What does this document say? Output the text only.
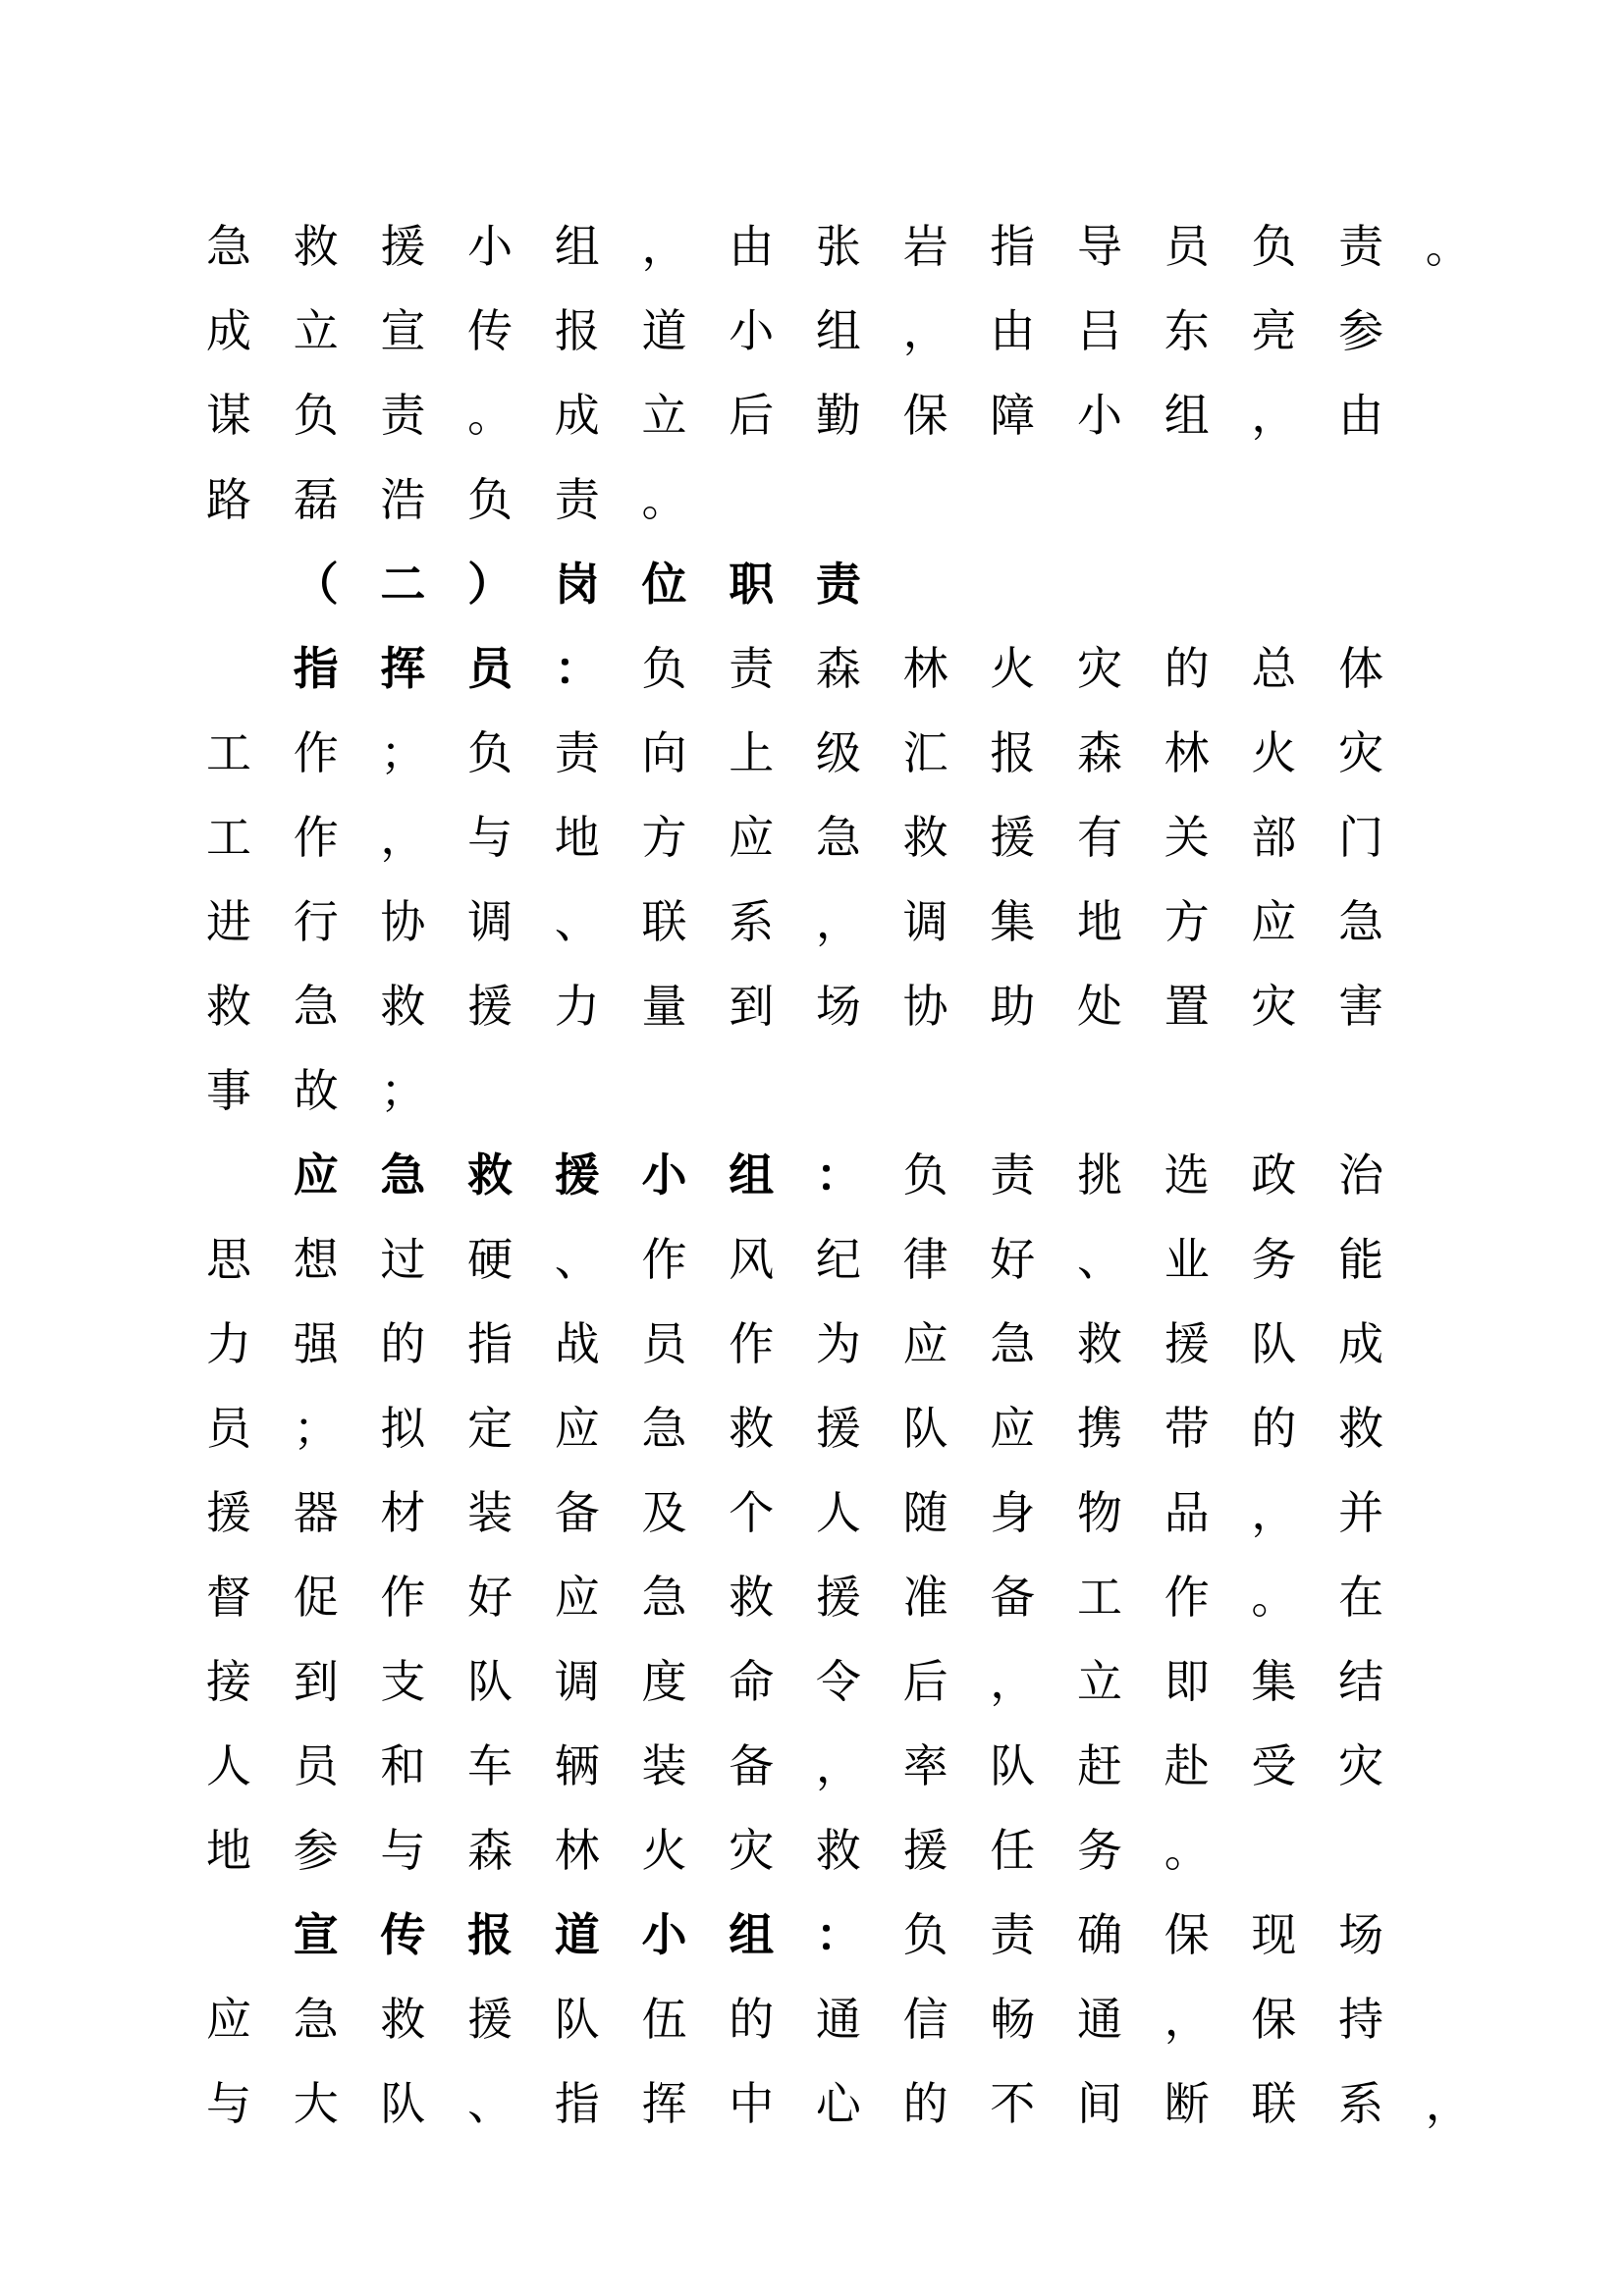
急 救 援 小 组 ， 由 张 岩 指 导 员 负 责 。
成 立 宣 传 报 道 小 组 ， 由 吕 东 亮 参
谋 负 责 。 成 立 后 勤 保 障 小 组 ， 由
路 磊 浩 负 责 。
（ 二 ） 岗 位 职 责
指 挥 员 ： 负 责 森 林 火 灾 的 总 体
工 作 ； 负 责 向 上 级 汇 报 森 林 火 灾
工 作 ， 与 地 方 应 急 救 援 有 关 部 门
进 行 协 调 、 联 系 ， 调 集 地 方 应 急
救 急 救 援 力 量 到 场 协 助 处 置 灾 害
事 故 ；
应 急 救 援 小 组 ： 负 责 挑 选 政 治
思 想 过 硬 、 作 风 纪 律 好 、 业 务 能
力 强 的 指 战 员 作 为 应 急 救 援 队 成
员 ； 拟 定 应 急 救 援 队 应 携 带 的 救
援 器 材 装 备 及 个 人 随 身 物 品 ， 并
督 促 作 好 应 急 救 援 准 备 工 作 。 在
接 到 支 队 调 度 命 令 后 ， 立 即 集 结
人 员 和 车 辆 装 备 ， 率 队 赶 赴 受 灾
地 参 与 森 林 火 灾 救 援 任 务 。
宣 传 报 道 小 组 ： 负 责 确 保 现 场
应 急 救 援 队 伍 的 通 信 畅 通 ， 保 持
与 大 队 、 指 挥 中 心 的 不 间 断 联 系 ，
